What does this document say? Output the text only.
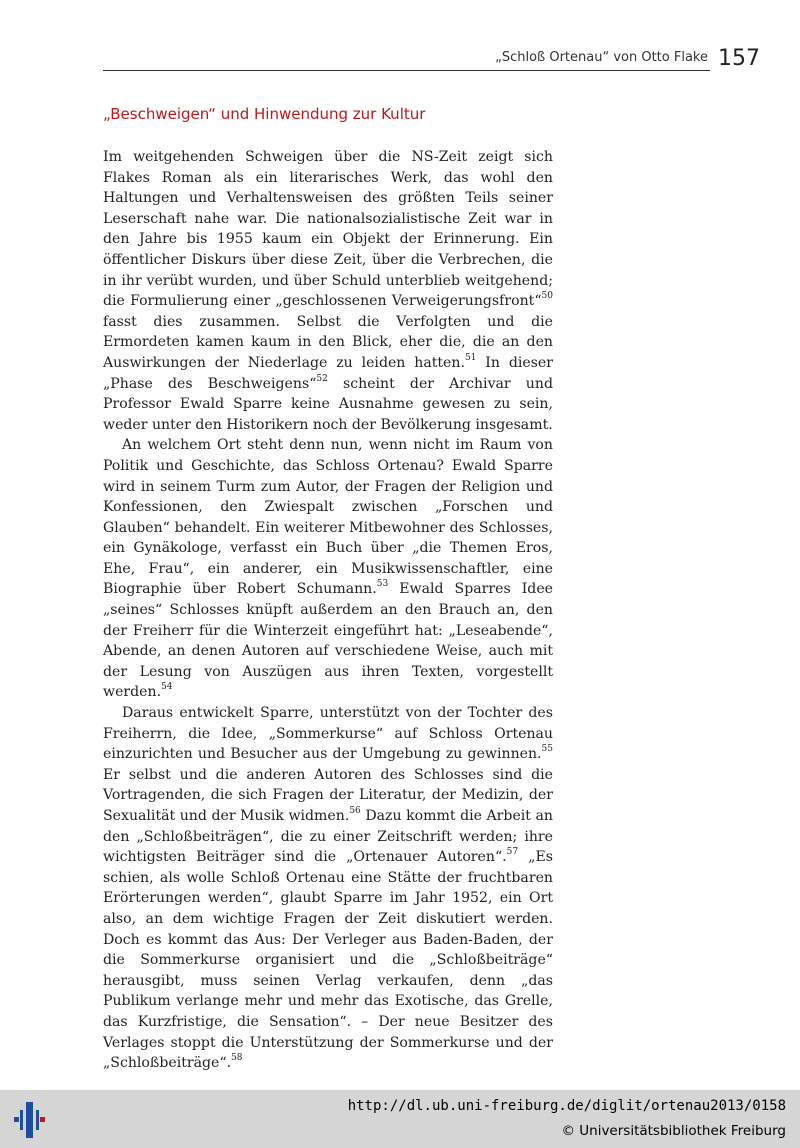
„Schloß Ortenau“ von Otto Flake 157
„Beschweigen“ und Hinwendung zur Kultur

Im weitgehenden Schweigen über die NS-Zeit zeigt sich Flakes Roman als ein literarisches Werk, das wohl den Haltungen und Verhaltensweisen des größten Teils seiner Leserschaft nahe war. Die nationalsozialistische Zeit war in den Jahre bis 1955 kaum ein Objekt der Erinnerung. Ein öffentlicher Diskurs über diese Zeit, über die Verbrechen, die in ihr verübt wurden, und über Schuld unterblieb weitgehend; die Formulierung einer „geschlossenen Verweigerungsfront“$^{50}$ fasst dies zusammen. Selbst die Verfolgten und die Ermordeten kamen kaum in den Blick, eher die, die an den Auswirkungen der Niederlage zu leiden hatten.$^{51}$ In dieser „Phase des Beschweigens“$^{52}$ scheint der Archivar und Professor Ewald Sparre keine Ausnahme gewesen zu sein, weder unter den Historikern noch der Bevölkerung insgesamt.

An welchem Ort steht denn nun, wenn nicht im Raum von Politik und Geschichte, das Schloss Ortenau? Ewald Sparre wird in seinem Turm zum Autor, der Fragen der Religion und Konfessionen, den Zwiespalt zwischen „Forschen und Glauben“ behandelt. Ein weiterer Mitbewohner des Schlosses, ein Gynäkologe, verfasst ein Buch über „die Themen Eros, Ehe, Frau“, ein anderer, ein Musikwissenschaftler, eine Biographie über Robert Schumann.$^{53}$ Ewald Sparres Idee „seines“ Schlosses knüpft außerdem an den Brauch an, den der Freiherr für die Winterzeit eingeführt hat: „Leseabende“, Abende, an denen Autoren auf verschiedene Weise, auch mit der Lesung von Auszügen aus ihren Texten, vorgestellt werden.$^{54}$

Daraus entwickelt Sparre, unterstützt von der Tochter des Freiherrn, die Idee, „Sommerkurse“ auf Schloss Ortenau einzurichten und Besucher aus der Umgebung zu gewinnen.$^{55}$ Er selbst und die anderen Autoren des Schlosses sind die Vortragenden, die sich Fragen der Literatur, der Medizin, der Sexualität und der Musik widmen.$^{56}$ Dazu kommt die Arbeit an den „Schloßbeiträgen“, die zu einer Zeitschrift werden; ihre wichtigsten Beiträger sind die „Ortenauer Autoren“.$^{57}$ „Es schien, als wolle Schloß Ortenau eine Stätte der fruchtbaren Erörterungen werden“, glaubt Sparre im Jahr 1952, ein Ort also, an dem wichtige Fragen der Zeit diskutiert werden. Doch es kommt das Aus: Der Verleger aus Baden-Baden, der die Sommerkurse organisiert und die „Schloßbeiträge“ herausgibt, muss seinen Verlag verkaufen, denn „das Publikum verlange mehr und mehr das Exotische, das Grelle, das Kurzfristige, die Sensation“. – Der neue Besitzer des Verlages stoppt die Unterstützung der Sommerkurse und der „Schloßbeiträge“.$^{58}$

http://dl.ub.uni-freiburg.de/diglit/ortenau2013/0158
© Universitätsbibliothek Freiburg
